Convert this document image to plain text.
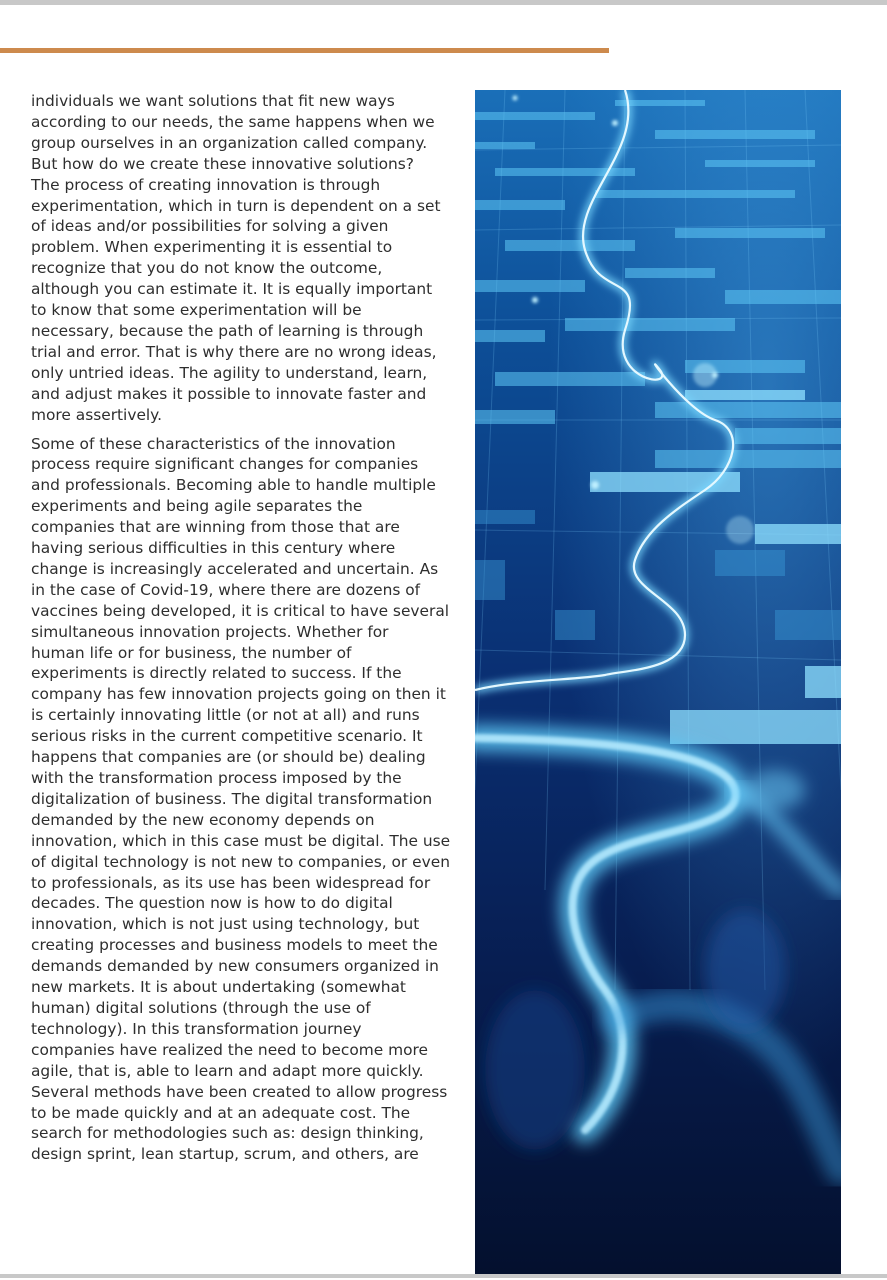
individuals we want solutions that fit new ways
according to our needs, the same happens when we
group ourselves in an organization called company.
But how do we create these innovative solutions?
The process of creating innovation is through
experimentation, which in turn is dependent on a set
of ideas and/or possibilities for solving a given
problem. When experimenting it is essential to
recognize that you do not know the outcome,
although you can estimate it. It is equally important
to know that some experimentation will be
necessary, because the path of learning is through
trial and error. That is why there are no wrong ideas,
only untried ideas. The agility to understand, learn,
and adjust makes it possible to innovate faster and
more assertively.

Some of these characteristics of the innovation
process require significant changes for companies
and professionals. Becoming able to handle multiple
experiments and being agile separates the
companies that are winning from those that are
having serious difficulties in this century where
change is increasingly accelerated and uncertain. As
in the case of Covid-19, where there are dozens of
vaccines being developed, it is critical to have several
simultaneous innovation projects. Whether for
human life or for business, the number of
experiments is directly related to success. If the
company has few innovation projects going on then it
is certainly innovating little (or not at all) and runs
serious risks in the current competitive scenario. It
happens that companies are (or should be) dealing
with the transformation process imposed by the
digitalization of business. The digital transformation
demanded by the new economy depends on
innovation, which in this case must be digital. The use
of digital technology is not new to companies, or even
to professionals, as its use has been widespread for
decades. The question now is how to do digital
innovation, which is not just using technology, but
creating processes and business models to meet the
demands demanded by new consumers organized in
new markets. It is about undertaking (somewhat
human) digital solutions (through the use of
technology). In this transformation journey
companies have realized the need to become more
agile, that is, able to learn and adapt more quickly.
Several methods have been created to allow progress
to be made quickly and at an adequate cost. The
search for methodologies such as: design thinking,
design sprint, lean startup, scrum, and others, are
